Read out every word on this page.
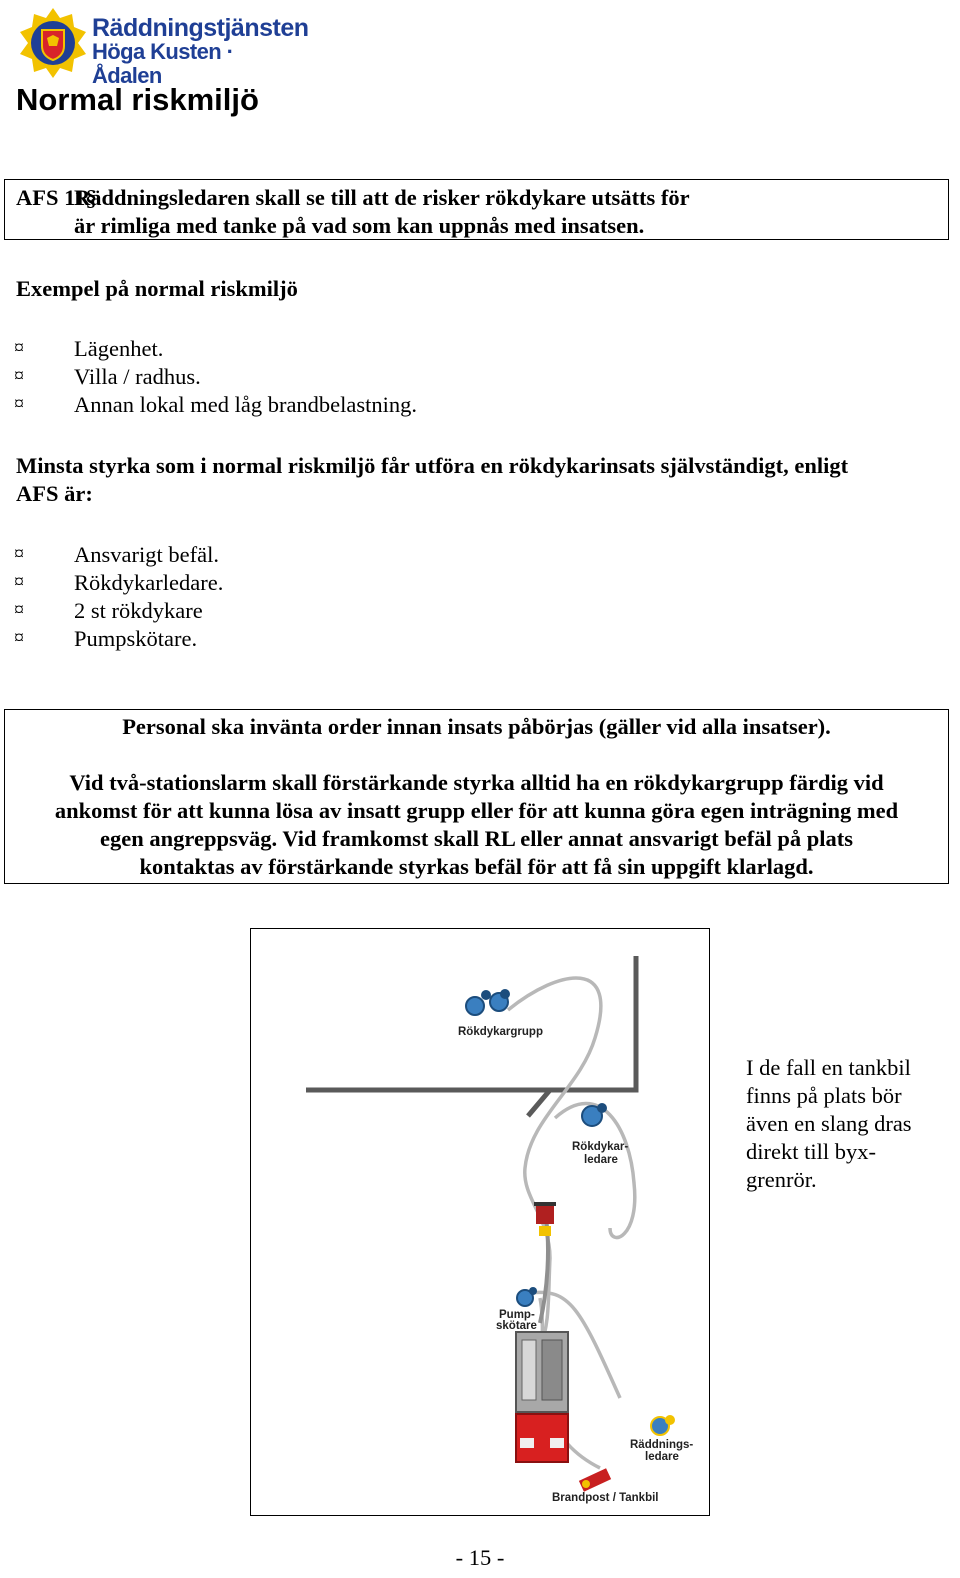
Räddningstjänsten
Höga Kusten · Ådalen
Normal riskmiljö
AFS 11§
Räddningsledaren skall se till att de risker rökdykare utsätts för
är rimliga med tanke på vad som kan uppnås med insatsen.
Exempel på normal riskmiljö
¤ Lägenhet.
¤ Villa / radhus.
¤ Annan lokal med låg brandbelastning.
Minsta styrka som i normal riskmiljö får utföra en rökdykarinsats självständigt, enligt
AFS är:
¤ Ansvarigt befäl.
¤ Rökdykarledare.
¤ 2 st rökdykare
¤ Pumpskötare.
Personal ska invänta order innan insats påbörjas (gäller vid alla insatser).
Vid två-stationslarm skall förstärkande styrka alltid ha en rökdykargrupp färdig vid
ankomst för att kunna lösa av insatt grupp eller för att kunna göra egen inträgning med
egen angreppsväg. Vid framkomst skall RL eller annat ansvarigt befäl på plats
kontaktas av förstärkande styrkas befäl för att få sin uppgift klarlagd.
Rökdykargrupp
Rökdykar-
ledare
Pump-
skötare
Räddnings-
ledare
Brandpost / Tankbil
I de fall en tankbil
finns på plats bör
även en slang dras
direkt till byx-
grenrör.
- 15 -
